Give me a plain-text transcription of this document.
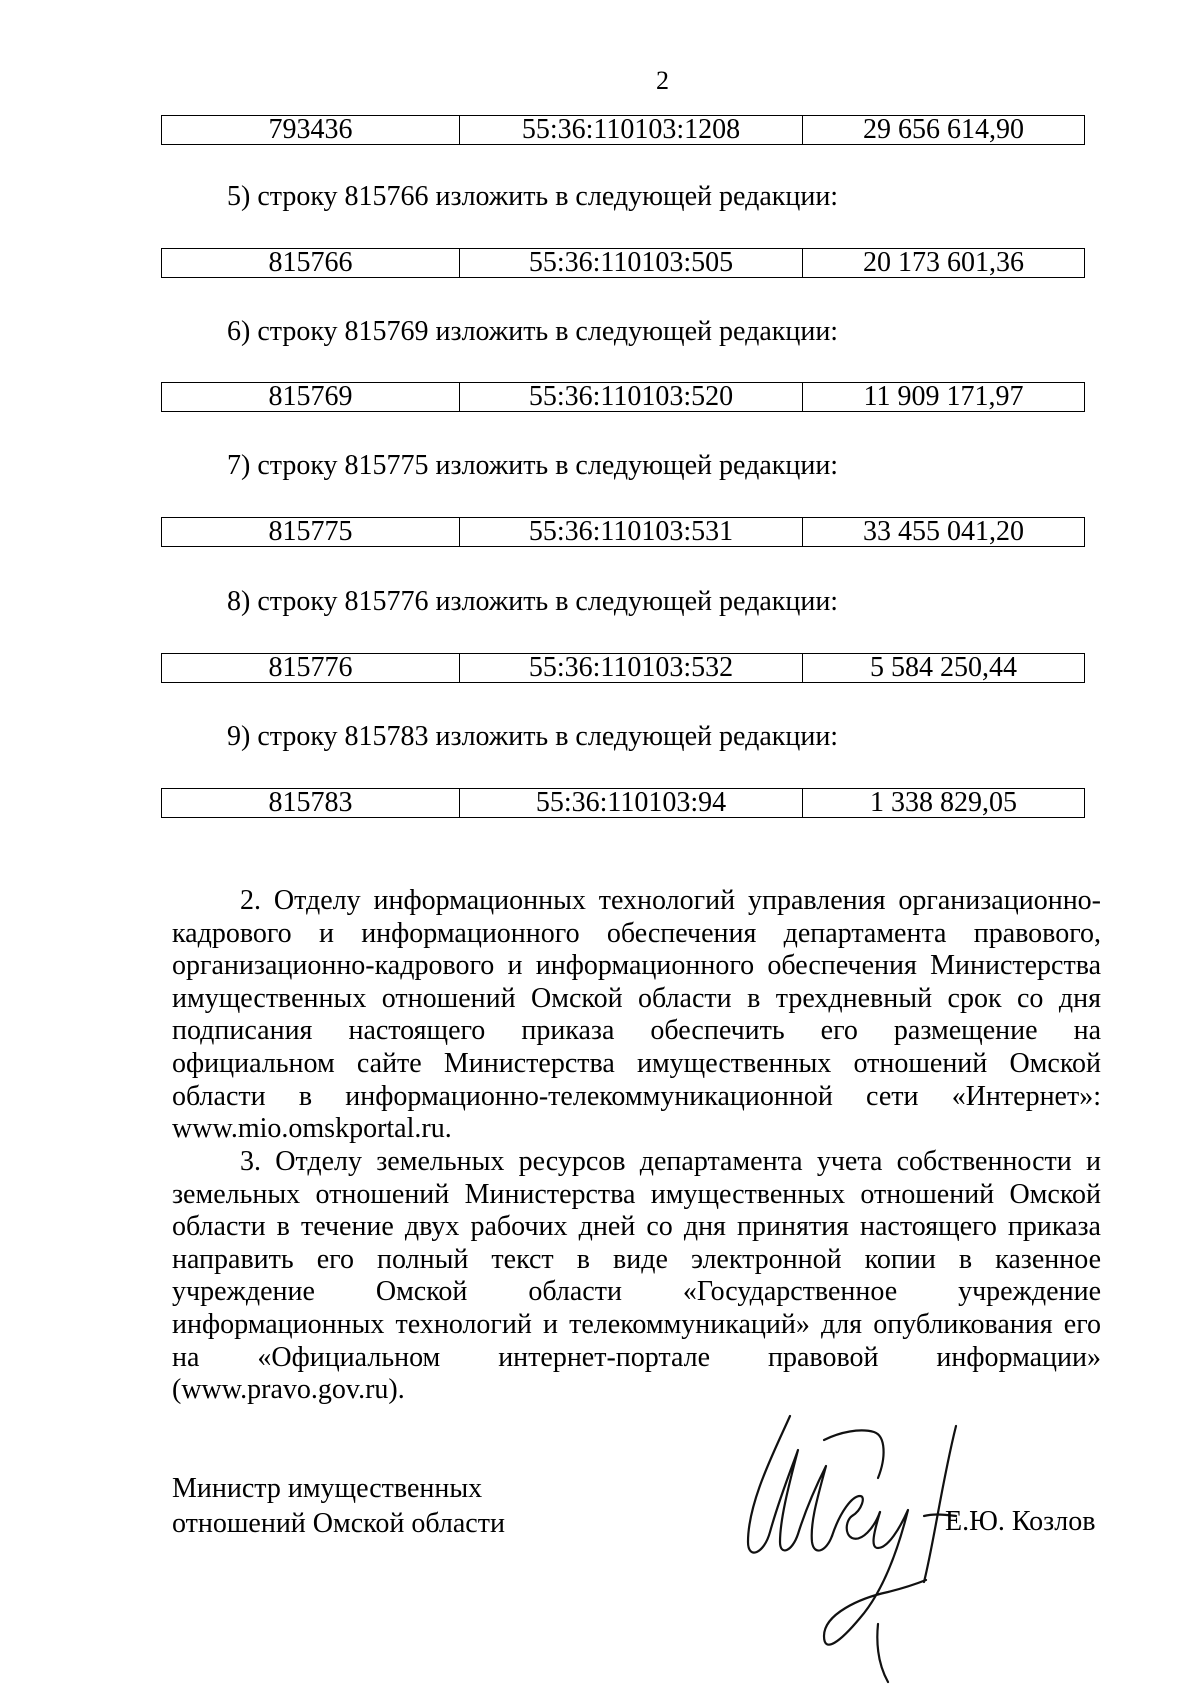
2
793436	55:36:110103:1208	29 656 614,90
5) строку 815766 изложить в следующей редакции:
815766	55:36:110103:505	20 173 601,36
6) строку 815769 изложить в следующей редакции:
815769	55:36:110103:520	11 909 171,97
7) строку 815775 изложить в следующей редакции:
815775	55:36:110103:531	33 455 041,20
8) строку 815776 изложить в следующей редакции:
815776	55:36:110103:532	5 584 250,44
9) строку 815783 изложить в следующей редакции:
815783	55:36:110103:94	1 338 829,05
2. Отделу информационных технологий управления организационно-
кадрового и информационного обеспечения департамента правового,
организационно-кадрового и информационного обеспечения Министерства
имущественных отношений Омской области в трехдневный срок со дня
подписания настоящего приказа обеспечить его размещение на
официальном сайте Министерства имущественных отношений Омской
области в информационно-телекоммуникационной сети «Интернет»:
www.mio.omskportal.ru.
3. Отделу земельных ресурсов департамента учета собственности и
земельных отношений Министерства имущественных отношений Омской
области в течение двух рабочих дней со дня принятия настоящего приказа
направить его полный текст в виде электронной копии в казенное
учреждение Омской области «Государственное учреждение
информационных технологий и телекоммуникаций» для опубликования его
на «Официальном интернет-портале правовой информации»
(www.pravo.gov.ru).
Министр имущественных
отношений Омской области	Е.Ю. Козлов
